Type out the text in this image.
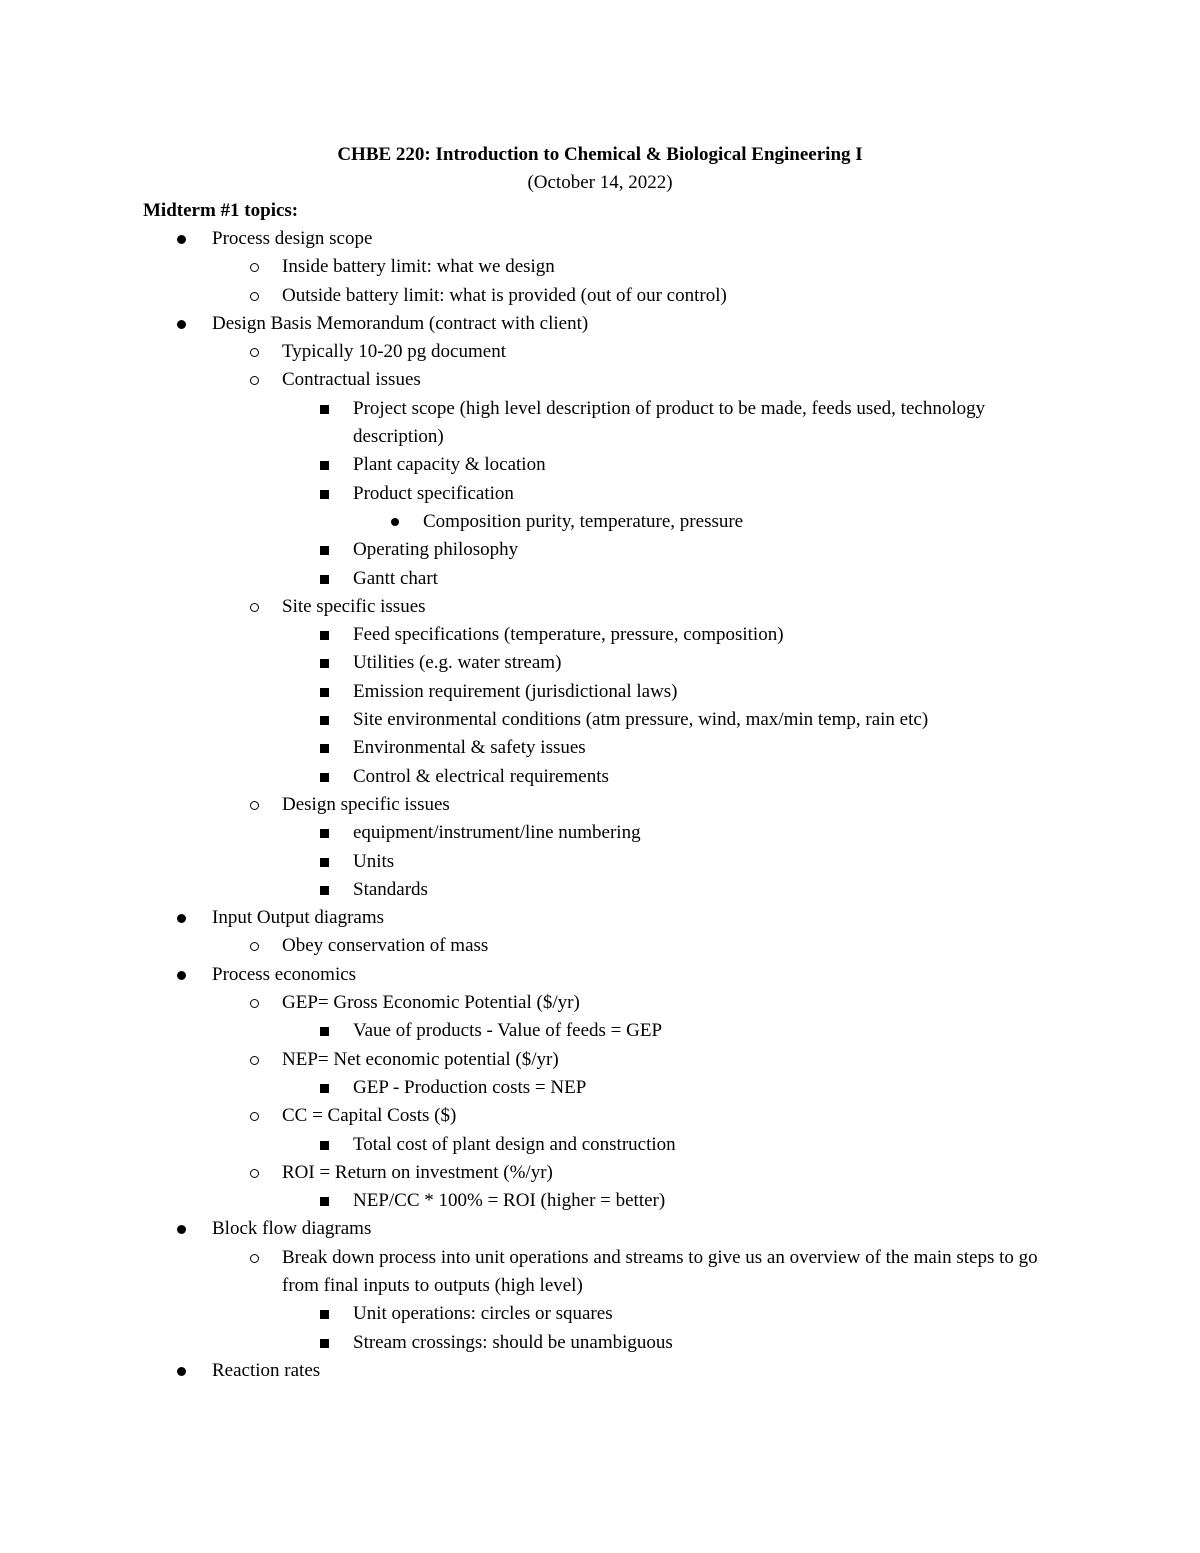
CHBE 220: Introduction to Chemical & Biological Engineering I
(October 14, 2022)
Midterm #1 topics:
Process design scope
Inside battery limit: what we design
Outside battery limit: what is provided (out of our control)
Design Basis Memorandum (contract with client)
Typically 10-20 pg document
Contractual issues
Project scope (high level description of product to be made, feeds used, technology description)
Plant capacity & location
Product specification
Composition purity, temperature, pressure
Operating philosophy
Gantt chart
Site specific issues
Feed specifications (temperature, pressure, composition)
Utilities (e.g. water stream)
Emission requirement (jurisdictional laws)
Site environmental conditions (atm pressure, wind, max/min temp, rain etc)
Environmental & safety issues
Control & electrical requirements
Design specific issues
equipment/instrument/line numbering
Units
Standards
Input Output diagrams
Obey conservation of mass
Process economics
GEP= Gross Economic Potential ($/yr)
Vaue of products - Value of feeds = GEP
NEP= Net economic potential ($/yr)
GEP - Production costs = NEP
CC = Capital Costs ($)
Total cost of plant design and construction
ROI = Return on investment (%/yr)
NEP/CC * 100% = ROI (higher = better)
Block flow diagrams
Break down process into unit operations and streams to give us an overview of the main steps to go from final inputs to outputs (high level)
Unit operations: circles or squares
Stream crossings: should be unambiguous
Reaction rates
